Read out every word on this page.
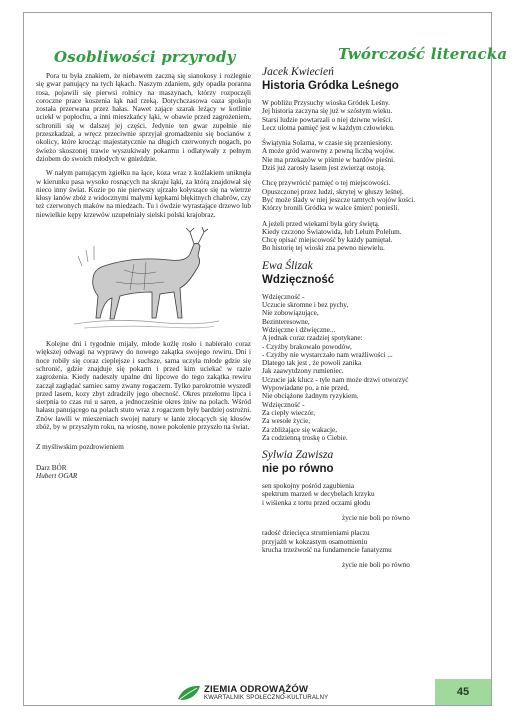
Osobliwości przyrody

Pora tu była znakiem, że niebawem zaczną się sianokosy i rozlegnie się gwar panujący na tych łąkach. Naszym zdaniem, gdy opadła poranna rosa, pojawili się pierwsi rolnicy na maszynach, którzy rozpoczęli coroczne prace koszenia łąk nad rzeką. Dotychczasowa oaza spokoju została przerwana przez hałas. Nawet zające szarak leżący w kotlinie uciekł w popłochu, a inni mieszkańcy łąki, w obawie przed zagrożeniem, schronili się w dalszej jej części. Jedynie ten gwar zupełnie nie przeszkadzał, a wręcz przeciwnie sprzyjał gromadzeniu się bocianów z okolicy, które krocząc majestatycznie na długich czerwonych nogach, po świeżo skoszonej trawie wyszukiwały pokarmu i odlatywały z pełnym dziobem do swoich młodych w gnieździe.

W nałym panującym zgiełku na łące, koza wraz z koźlakiem uniknęła w kierunku pasa wysoko rosnących na skraju łąki, za którą znajdował się nieco inny świat. Kozie po nie pierwszy ujrzało kołyszące się na wietrze kłosy łanów zbóż z widocznymi małymi kępkami błękitnych chabrów, czy też czerwonych maków na miedzach. Tu i ówdzie wyrastające drzewo lub niewielkie kępy krzewów uzupełniały sielski polski krajobraz.

Kolejne dni i tygodnie mijały, młode koźlę rosło i nabierało coraz większej odwagi na wyprawy do nowego zakątka swojego rewiru. Dni i noce robiły się coraz cieplejsze i suchsze, sama uczyła młode gdzie się schronić, gdzie znajduje się pokarm i przed kim uciekać w razie zagrożenia. Kiedy nadeszły upalne dni lipcowe do tego zakątka rewiru zaczął zaglądać samiec samy zwany rogaczem. Tylko parokrotnie wyszedł przed lasem, kozy zbyt zdradziły jego obecność. Okres przełomu lipca i sierpnia to czas rui u saren, a jednocześnie okres żniw na polach. Wśród hałasu panującego na polach stuto wraz z rogaczem były bardziej ostrożni. Znów ławili w mieszeniach swojej natury w łanie złocących się kłosów zbóż, by w przyszłym roku, na wiosnę, nowe pokolenie przyszło na świat.

Z myśliwskim pozdrowieniem

Darz BÓR

Hubert OGAR

Twórczość literacka

Jacek Kwiecień

Historia Gródka Leśnego

W pobliżu Przysuchy wioska Gródek Leśny.
Jej historia zaczyna się już w szóstym wieku.
Starsi ludzie powtarzali o niej dziwne wieści.
Lecz ulotna pamięć jest w każdym człowieku.
Świątynia Solarna, w czasie się przeniesiony.
A może gród warowny z pewną liczbą wojów.
Nie ma przekazów w piśmie w bardów pieśni.
Dziś już zarosły lasem jest zwierząt ostoją.
Chcę przywrócić pamięć o tej miejscowości.
Opuszczonej przez ludzi, skrytej w głuszy leśnej.
Być może ślady w niej jeszcze tamtych wojów kości.
Którzy bronili Gródka w walce śmierć ponieśli.
A jeżeli przed wiekami była góry świętą.
Kiedy czczono Światowida, lub Lelum Polelum.
Chcę opisać miejscowość by każdy pamiętał.
Bo historię tej wioski zna pewno niewielu.

Ewa Ślizak

Wdzięczność

Wdzięczność -
Uczucie skromne i bez pychy,
Nie zobowiązujące,
Bezinteresowne,
Wdzięczne i dźwięczne...
A jednak coraz rzadziej spotykane:
- Czyżby brakowało powodów,
- Czyżby nie wystarczało nam wrażliwości ...
Dlatego tak jest , że powoli zanika
Jak zaawytdzony rumieniec.
Uczucie jak klucz - tyle nam może drzwi otworzyć
Wypowiadane po, a nie przed,
Nie obciążone żadnym ryzykiem.
Wdzięczność -
Za ciepły wieczór,
Za wesołe życie,
Za zbliżające się wakacje,
Za codzienną troskę o Ciebie.

Sylwia Zawisza

nie po równo

sen spokojny pośród zagubienia
spektrum marzeń w decybelach krzyku
i wiśienka z tortu przed oczami głodu
życie nie boli po równo
radość dziecięca strumieniami płaczu
przyjaźń w kokzastym osamotnieniu
krucha trzeźwość na fundamencie fanatyzmu
życie nie boli po równo
ZIEMIA ODROWĄŻÓW
KWARTALNIK SPOŁECZNO-KULTURALNY	45
